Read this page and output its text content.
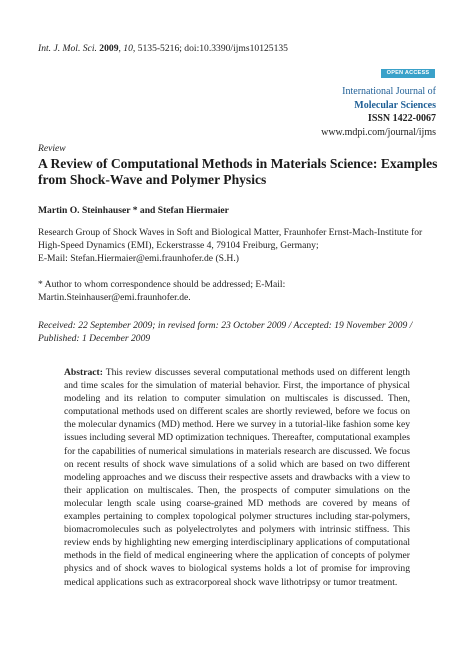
Int. J. Mol. Sci. 2009, 10, 5135-5216; doi:10.3390/ijms10125135
OPEN ACCESS
International Journal of
Molecular Sciences
ISSN 1422-0067
www.mdpi.com/journal/ijms
Review
A Review of Computational Methods in Materials Science: Examples from Shock-Wave and Polymer Physics
Martin O. Steinhauser * and Stefan Hiermaier
Research Group of Shock Waves in Soft and Biological Matter, Fraunhofer Ernst-Mach-Institute for
High-Speed Dynamics (EMI), Eckerstrasse 4, 79104 Freiburg, Germany;
E-Mail: Stefan.Hiermaier@emi.fraunhofer.de (S.H.)
* Author to whom correspondence should be addressed; E-Mail:
Martin.Steinhauser@emi.fraunhofer.de.
Received: 22 September 2009; in revised form: 23 October 2009 / Accepted: 19 November 2009 /
Published: 1 December 2009
Abstract: This review discusses several computational methods used on different length and time scales for the simulation of material behavior. First, the importance of physical modeling and its relation to computer simulation on multiscales is discussed. Then, computational methods used on different scales are shortly reviewed, before we focus on the molecular dynamics (MD) method. Here we survey in a tutorial-like fashion some key issues including several MD optimization techniques. Thereafter, computational examples for the capabilities of numerical simulations in materials research are discussed. We focus on recent results of shock wave simulations of a solid which are based on two different modeling approaches and we discuss their respective assets and drawbacks with a view to their application on multiscales. Then, the prospects of computer simulations on the molecular length scale using coarse-grained MD methods are covered by means of examples pertaining to complex topological polymer structures including star-polymers, biomacromolecules such as polyelectrolytes and polymers with intrinsic stiffness. This review ends by highlighting new emerging interdisciplinary applications of computational methods in the field of medical engineering where the application of concepts of polymer physics and of shock waves to biological systems holds a lot of promise for improving medical applications such as extracorporeal shock wave lithotripsy or tumor treatment.
